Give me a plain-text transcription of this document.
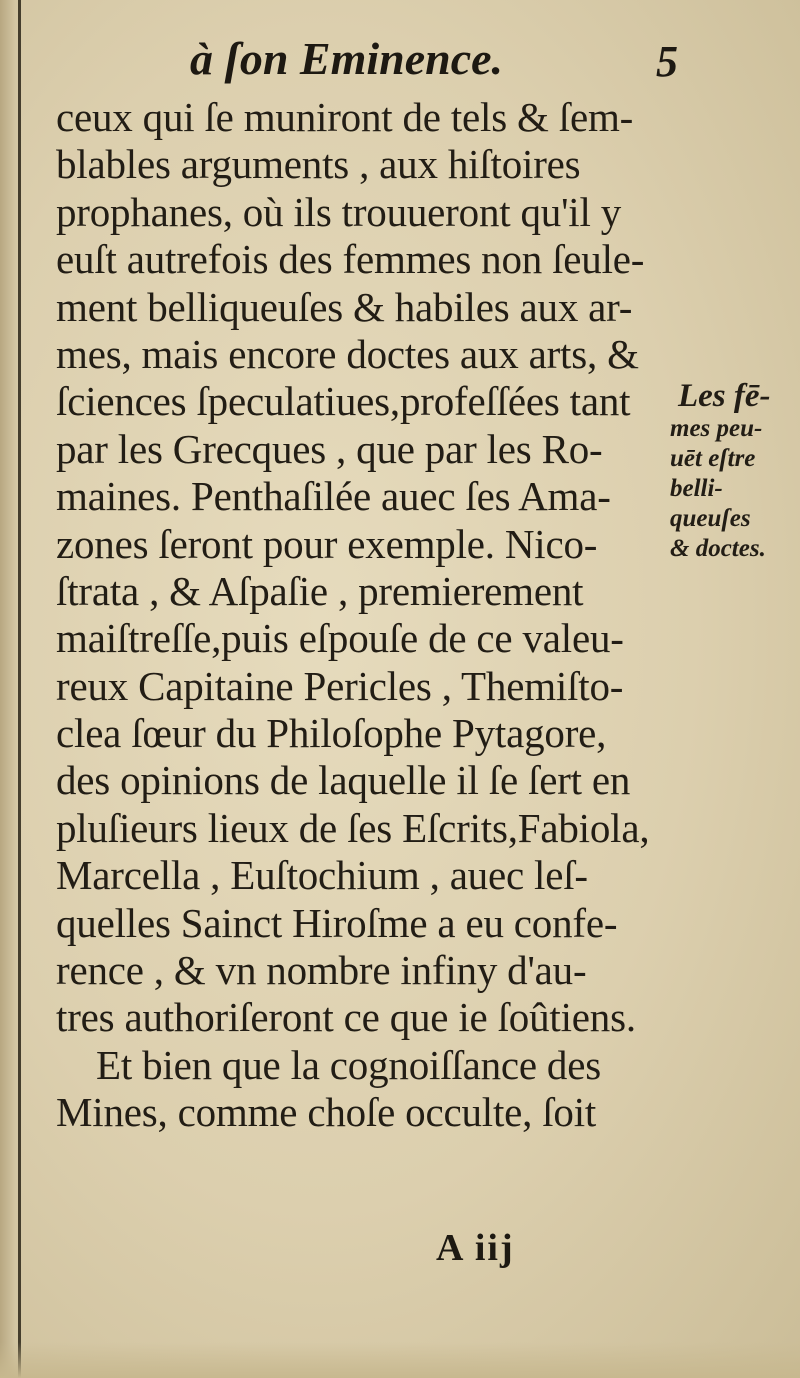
à ſon Eminence.	5
ceux qui ſe muniront de tels & ſem-
blables arguments , aux hiſtoires
prophanes, où ils trouueront qu'il y
euſt autrefois des femmes non ſeule-
ment belliqueuſes & habiles aux ar-
mes, mais encore doctes aux arts, &
ſciences ſpeculatiues,profeſſées tant
par les Grecques , que par les Ro-
maines. Penthaſilée auec ſes Ama-
zones ſeront pour exemple. Nico-
ſtrata , & Aſpaſie , premierement
maiſtreſſe,puis eſpouſe de ce valeu-
reux Capitaine Pericles , Themiſto-
clea ſœur du Philoſophe Pytagore,
des opinions de laquelle il ſe ſert en
pluſieurs lieux de ſes Eſcrits,Fabiola,
Marcella , Euſtochium , auec leſ-
quelles Sainct Hiroſme a eu confe-
rence , & vn nombre infiny d'au-
tres authoriſeront ce que ie ſoûtiens.
Et bien que la cognoiſſance des
Mines, comme choſe occulte, ſoit
Les fē-
mes peu-
uēt eſtre
belli-
queuſes
& doctes.
A iij
